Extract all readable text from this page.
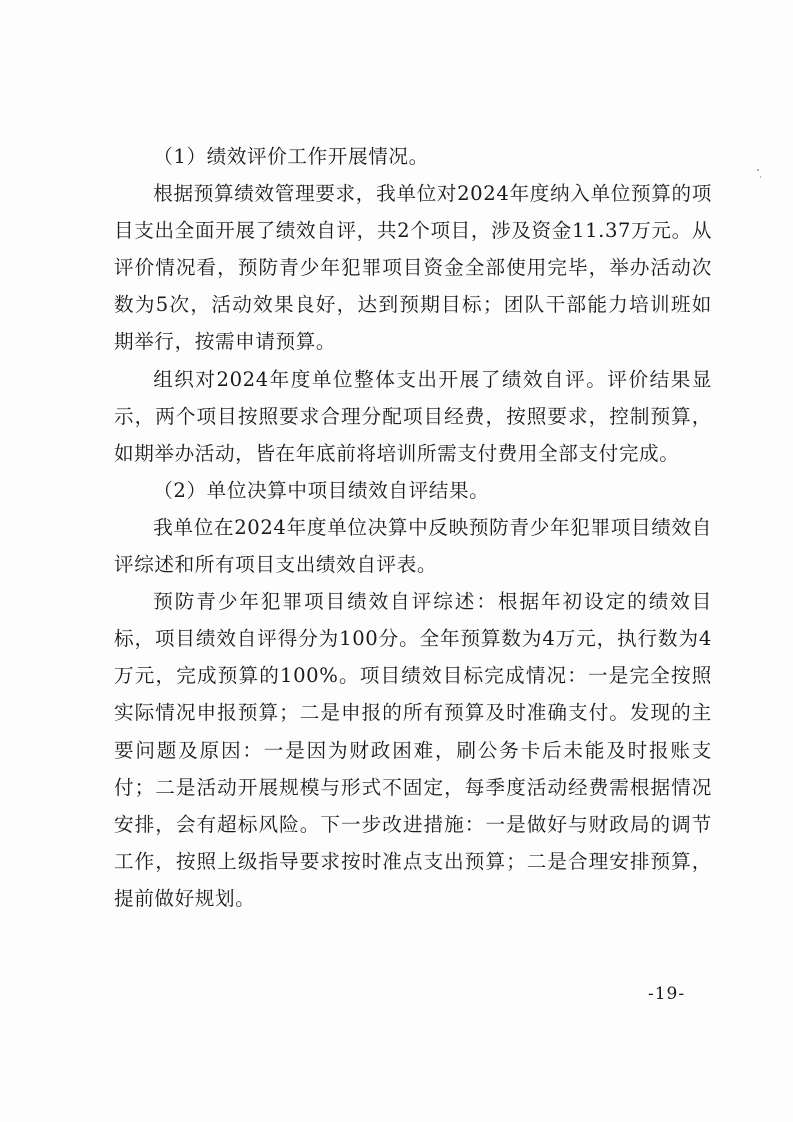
（1）绩效评价工作开展情况。

根据预算绩效管理要求，我单位对2024年度纳入单位预算的项目支出全面开展了绩效自评，共2个项目，涉及资金11.37万元。从评价情况看，预防青少年犯罪项目资金全部使用完毕，举办活动次数为5次，活动效果良好，达到预期目标；团队干部能力培训班如期举行，按需申请预算。

组织对2024年度单位整体支出开展了绩效自评。评价结果显示，两个项目按照要求合理分配项目经费，按照要求，控制预算，如期举办活动，皆在年底前将培训所需支付费用全部支付完成。

（2）单位决算中项目绩效自评结果。

我单位在2024年度单位决算中反映预防青少年犯罪项目绩效自评综述和所有项目支出绩效自评表。

预防青少年犯罪项目绩效自评综述：根据年初设定的绩效目标，项目绩效自评得分为100分。全年预算数为4万元，执行数为4万元，完成预算的100%。项目绩效目标完成情况：一是完全按照实际情况申报预算；二是申报的所有预算及时准确支付。发现的主要问题及原因：一是因为财政困难，刷公务卡后未能及时报账支付；二是活动开展规模与形式不固定，每季度活动经费需根据情况安排，会有超标风险。下一步改进措施：一是做好与财政局的调节工作，按照上级指导要求按时准点支出预算；二是合理安排预算，提前做好规划。

-19-
